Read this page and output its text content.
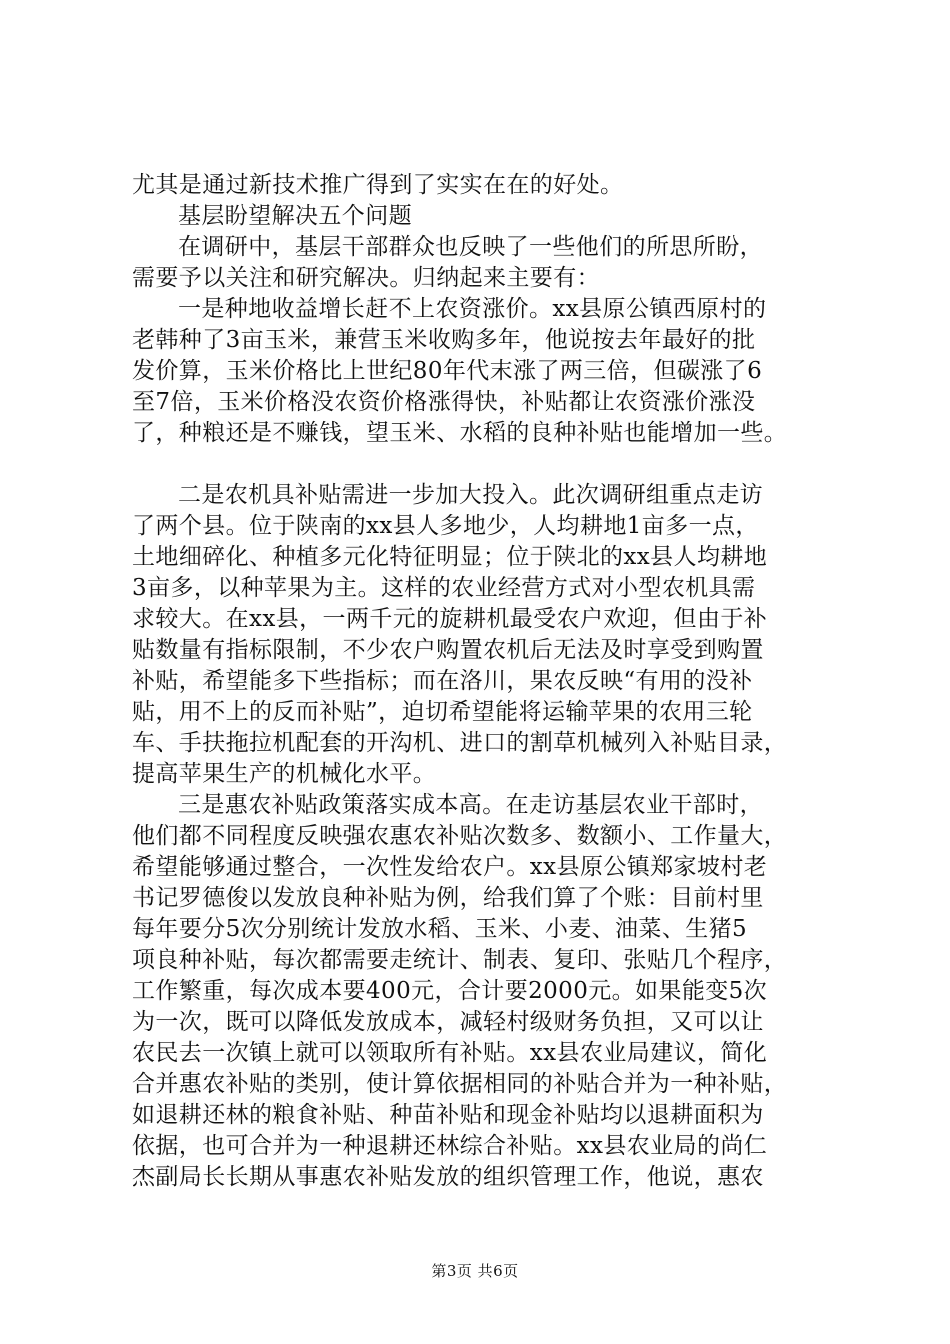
尤其是通过新技术推广得到了实实在在的好处。
基层盼望解决五个问题
在调研中，基层干部群众也反映了一些他们的所思所盼，
需要予以关注和研究解决。归纳起来主要有：
一是种地收益增长赶不上农资涨价。xx县原公镇西原村的
老韩种了3亩玉米，兼营玉米收购多年，他说按去年最好的批
发价算，玉米价格比上世纪80年代末涨了两三倍，但碳涨了6
至7倍，玉米价格没农资价格涨得快，补贴都让农资涨价涨没
了，种粮还是不赚钱，望玉米、水稻的良种补贴也能增加一些。
二是农机具补贴需进一步加大投入。此次调研组重点走访
了两个县。位于陕南的xx县人多地少，人均耕地1亩多一点，
土地细碎化、种植多元化特征明显；位于陕北的xx县人均耕地
3亩多，以种苹果为主。这样的农业经营方式对小型农机具需
求较大。在xx县，一两千元的旋耕机最受农户欢迎，但由于补
贴数量有指标限制，不少农户购置农机后无法及时享受到购置
补贴，希望能多下些指标；而在洛川，果农反映“有用的没补
贴，用不上的反而补贴”，迫切希望能将运输苹果的农用三轮
车、手扶拖拉机配套的开沟机、进口的割草机械列入补贴目录，
提高苹果生产的机械化水平。
三是惠农补贴政策落实成本高。在走访基层农业干部时，
他们都不同程度反映强农惠农补贴次数多、数额小、工作量大，
希望能够通过整合，一次性发给农户。xx县原公镇郑家坡村老
书记罗德俊以发放良种补贴为例，给我们算了个账：目前村里
每年要分5次分别统计发放水稻、玉米、小麦、油菜、生猪5
项良种补贴，每次都需要走统计、制表、复印、张贴几个程序，
工作繁重，每次成本要400元，合计要2000元。如果能变5次
为一次，既可以降低发放成本，减轻村级财务负担，又可以让
农民去一次镇上就可以领取所有补贴。xx县农业局建议，简化
合并惠农补贴的类别，使计算依据相同的补贴合并为一种补贴，
如退耕还林的粮食补贴、种苗补贴和现金补贴均以退耕面积为
依据，也可合并为一种退耕还林综合补贴。xx县农业局的尚仁
杰副局长长期从事惠农补贴发放的组织管理工作，他说，惠农
第3页 共6页
